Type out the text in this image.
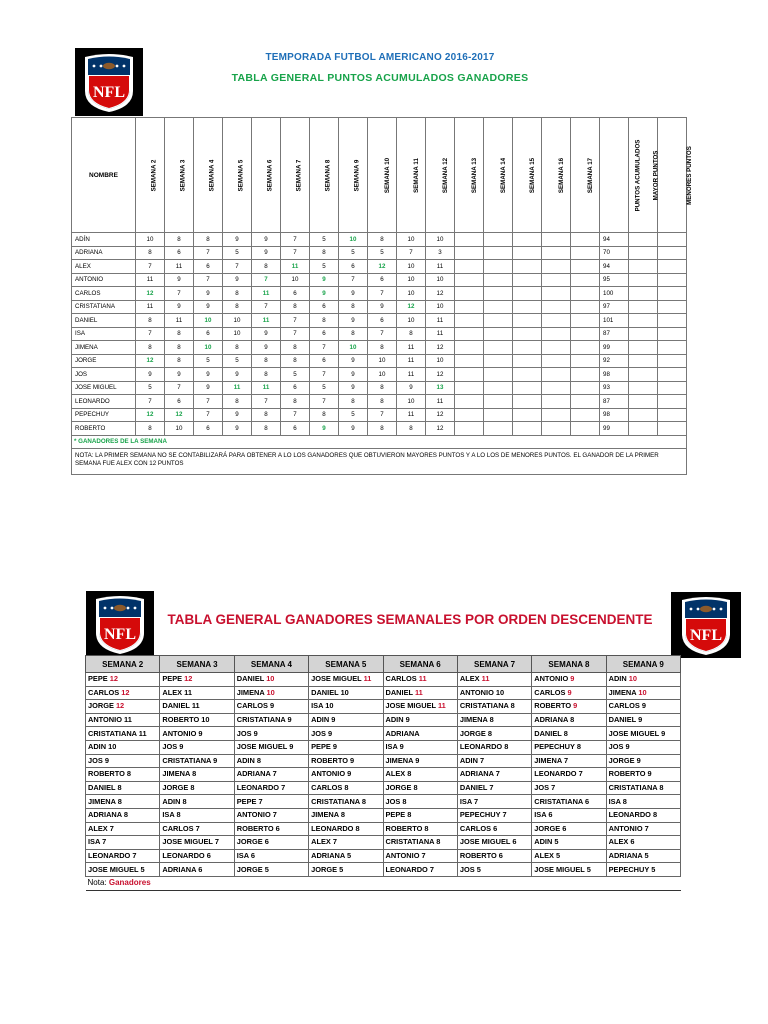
NFL
TEMPORADA FUTBOL AMERICANO 2016-2017
TABLA GENERAL PUNTOS ACUMULADOS GANADORES
NOMBRE	SEMANA 2	SEMANA 3	SEMANA 4	SEMANA 5	SEMANA 6	SEMANA 7	SEMANA 8	SEMANA 9	SEMANA 10	SEMANA 11	SEMANA 12	SEMANA 13	SEMANA 14	SEMANA 15	SEMANA 16	SEMANA 17	PUNTOS ACUMULADOS	MAYOR PUNTOS	MENORES PUNTOS
ADÍN	10	8	8	9	9	7	5	10	8	10	10						94		
ADRIANA	8	6	7	5	9	7	8	5	5	7	3						70		
ALEX	7	11	6	7	8	11	5	6	12	10	11						94		
ANTONIO	11	9	7	9	7	10	9	7	6	10	10						95		
CARLOS	12	7	9	8	11	6	9	9	7	10	12						100		
CRISTATIANA	11	9	9	8	7	8	6	8	9	12	10						97		
DANIEL	8	11	10	10	11	7	8	9	6	10	11						101		
ISA	7	8	6	10	9	7	6	8	7	8	11						87		
JIMENA	8	8	10	8	9	8	7	10	8	11	12						99		
JORGE	12	8	5	5	8	8	6	9	10	11	10						92		
JOS	9	9	9	9	8	5	7	9	10	11	12						98		
JOSE MIGUEL	5	7	9	11	11	6	5	9	8	9	13						93		
LEONARDO	7	6	7	8	7	8	7	8	8	10	11						87		
PEPECHUY	12	12	7	9	8	7	8	5	7	11	12						98		
ROBERTO	8	10	6	9	8	6	9	9	8	8	12						99		
* GANADORES DE LA SEMANA																			
NOTA: LA PRIMER SEMANA NO SE CONTABILIZARÁ PARA OBTENER A LO LOS GANADORES QUE OBTUVIERON MAYORES PUNTOS Y A LO LOS DE MENORES PUNTOS. EL GANADOR DE LA PRIMER SEMANA FUE ALEX CON 12 PUNTOS																			
TABLA GENERAL GANADORES SEMANALES POR ORDEN DESCENDENTE
NFL	NFL
SEMANA 2	SEMANA 3	SEMANA 4	SEMANA 5	SEMANA 6	SEMANA 7	SEMANA 8	SEMANA 9
PEPE 12	PEPE 12	DANIEL 10	JOSE MIGUEL 11	CARLOS 11	ALEX 11	ANTONIO 9	ADIN 10
CARLOS 12	ALEX 11	JIMENA 10	DANIEL 10	DANIEL 11	ANTONIO 10	CARLOS 9	JIMENA 10
JORGE 12	DANIEL 11	CARLOS 9	ISA 10	JOSE MIGUEL 11	CRISTATIANA 8	ROBERTO 9	CARLOS 9
ANTONIO 11	ROBERTO 10	CRISTATIANA 9	ADIN 9	ADIN 9	JIMENA 8	ADRIANA 8	DANIEL 9
CRISTATIANA 11	ANTONIO 9	JOS 9	JOS 9	ADRIANA	JORGE 8	DANIEL 8	JOSE MIGUEL 9
ADIN 10	JOS 9	JOSE MIGUEL 9	PEPE 9	ISA 9	LEONARDO 8	PEPECHUY 8	JOS 9
JOS 9	CRISTATIANA 9	ADIN 8	ROBERTO 9	JIMENA 9	ADIN 7	JIMENA 7	JORGE 9
ROBERTO 8	JIMENA 8	ADRIANA 7	ANTONIO 9	ALEX 8	ADRIANA 7	LEONARDO 7	ROBERTO 9
DANIEL 8	JORGE 8	LEONARDO 7	CARLOS 8	JORGE 8	DANIEL 7	JOS 7	CRISTATIANA 8
JIMENA 8	ADIN 8	PEPE 7	CRISTATIANA 8	JOS 8	ISA 7	CRISTATIANA 6	ISA 8
ADRIANA 8	ISA 8	ANTONIO 7	JIMENA 8	PEPE 8	PEPECHUY 7	ISA 6	LEONARDO 8
ALEX 7	CARLOS 7	ROBERTO 6	LEONARDO 8	ROBERTO 8	CARLOS 6	JORGE 6	ANTONIO 7
ISA 7	JOSE MIGUEL 7	JORGE 6	ALEX 7	CRISTATIANA 8	JOSE MIGUEL 6	ADIN 5	ALEX 6
LEONARDO 7	LEONARDO 6	ISA 6	ADRIANA 5	ANTONIO 7	ROBERTO 6	ALEX 5	ADRIANA 5
JOSE MIGUEL 5	ADRIANA 6	JORGE 5	JORGE 5	LEONARDO 7	JOS 5	JOSE MIGUEL 5	PEPECHUY 5
Nota: Ganadores							
